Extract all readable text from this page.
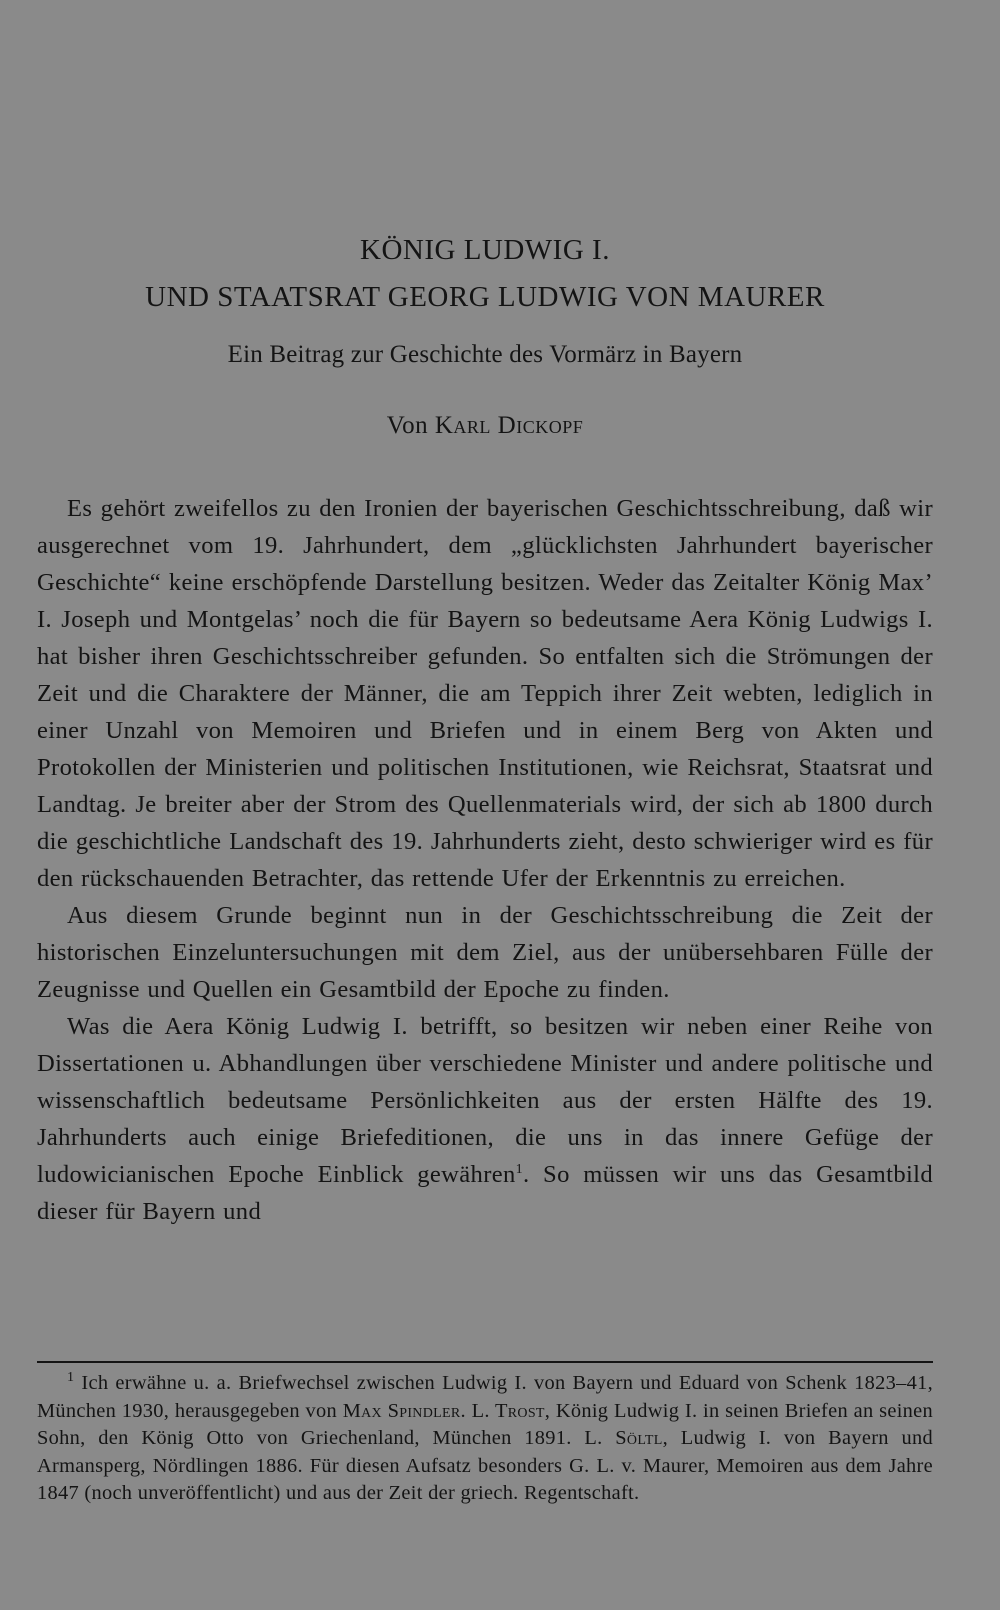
KÖNIG LUDWIG I.
UND STAATSRAT GEORG LUDWIG VON MAURER
Ein Beitrag zur Geschichte des Vormärz in Bayern
Von Karl Dickopf

Es gehört zweifellos zu den Ironien der bayerischen Geschichtsschreibung, daß wir ausgerechnet vom 19. Jahrhundert, dem „glücklichsten Jahrhundert bayerischer Geschichte“ keine erschöpfende Darstellung besitzen. Weder das Zeitalter König Max’ I. Joseph und Montgelas’ noch die für Bayern so bedeutsame Aera König Ludwigs I. hat bisher ihren Geschichtsschreiber gefunden. So entfalten sich die Strömungen der Zeit und die Charaktere der Männer, die am Teppich ihrer Zeit webten, lediglich in einer Unzahl von Memoiren und Briefen und in einem Berg von Akten und Protokollen der Ministerien und politischen Institutionen, wie Reichsrat, Staatsrat und Landtag. Je breiter aber der Strom des Quellenmaterials wird, der sich ab 1800 durch die geschichtliche Landschaft des 19. Jahrhunderts zieht, desto schwieriger wird es für den rückschauenden Betrachter, das rettende Ufer der Erkenntnis zu erreichen.

Aus diesem Grunde beginnt nun in der Geschichtsschreibung die Zeit der historischen Einzeluntersuchungen mit dem Ziel, aus der unübersehbaren Fülle der Zeugnisse und Quellen ein Gesamtbild der Epoche zu finden.

Was die Aera König Ludwig I. betrifft, so besitzen wir neben einer Reihe von Dissertationen u. Abhandlungen über verschiedene Minister und andere politische und wissenschaftlich bedeutsame Persönlichkeiten aus der ersten Hälfte des 19. Jahrhunderts auch einige Briefeditionen, die uns in das innere Gefüge der ludowicianischen Epoche Einblick gewähren$^1$. So müssen wir uns das Gesamtbild dieser für Bayern und

$^1$ Ich erwähne u. a. Briefwechsel zwischen Ludwig I. von Bayern und Eduard von Schenk 1823–41, München 1930, herausgegeben von Max Spindler. L. Trost, König Ludwig I. in seinen Briefen an seinen Sohn, den König Otto von Griechenland, München 1891. L. Söltl, Ludwig I. von Bayern und Armansperg, Nördlingen 1886. Für diesen Aufsatz besonders G. L. v. Maurer, Memoiren aus dem Jahre 1847 (noch unveröffentlicht) und aus der Zeit der griech. Regentschaft.
